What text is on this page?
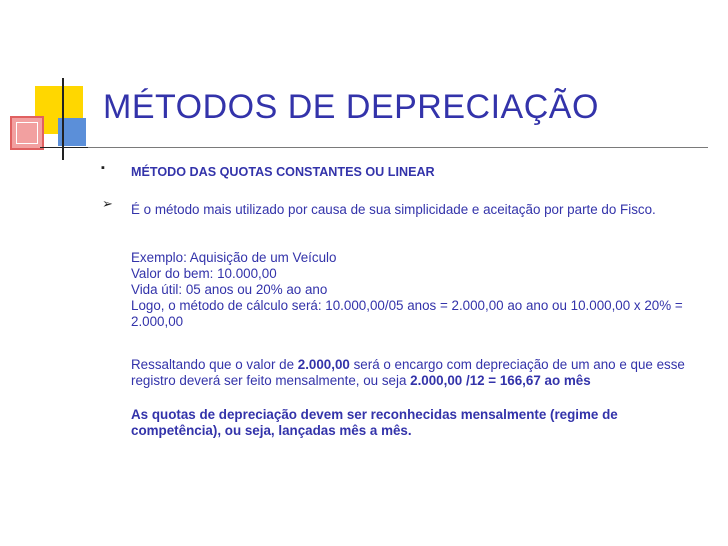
MÉTODOS DE DEPRECIAÇÃO
▪ MÉTODO DAS QUOTAS CONSTANTES OU LINEAR
➢ É o método mais utilizado por causa de sua simplicidade e aceitação por parte do Fisco.
Exemplo: Aquisição de um Veículo
Valor do bem: 10.000,00
Vida útil: 05 anos ou 20% ao ano
Logo, o método de cálculo será: 10.000,00/05 anos = 2.000,00 ao ano ou 10.000,00 x 20% = 2.000,00
Ressaltando que o valor de 2.000,00 será o encargo com depreciação de um ano e que esse registro deverá ser feito mensalmente, ou seja 2.000,00 /12 = 166,67 ao mês
As quotas de depreciação devem ser reconhecidas mensalmente (regime de competência), ou seja, lançadas mês a mês.
